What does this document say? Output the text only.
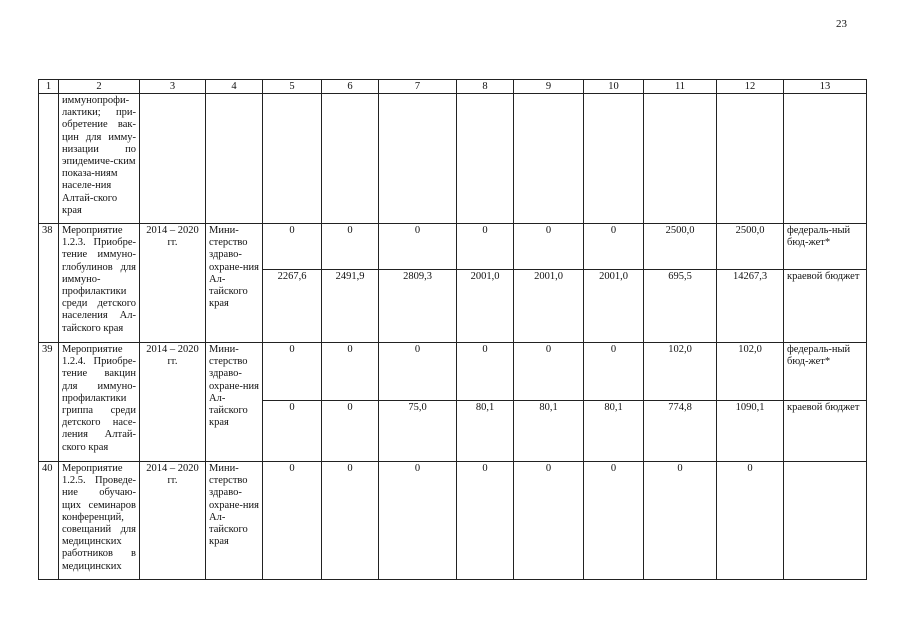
23
1	2	3	4	5	6	7	8	9	10	11	12	13
	иммунопрофи-лактики; при-обретение вак-цин для имму-низации по эпидемиче-ским показа-ниям населе-ния Алтай-ского края											
38	Мероприятие 1.2.3. Приобре-тение иммуно-глобулинов для иммуно-профилактики среди детского населения Ал-тайского края	2014 – 2020 гг.	Мини-стерство здраво-охране-ния Ал-тайского края	0	0	0	0	0	0	2500,0	2500,0	федераль-ный бюд-жет*
				2267,6	2491,9	2809,3	2001,0	2001,0	2001,0	695,5	14267,3	краевой бюджет
39	Мероприятие 1.2.4. Приобре-тение вакцин для иммуно-профилактики гриппа среди детского насе-ления Алтай-ского края	2014 – 2020 гг.	Мини-стерство здраво-охране-ния Ал-тайского края	0	0	0	0	0	0	102,0	102,0	федераль-ный бюд-жет*
				0	0	75,0	80,1	80,1	80,1	774,8	1090,1	краевой бюджет
40	Мероприятие 1.2.5. Проведе-ние обучаю-щих семинаров конференций, совещаний для медицинских работников в медицинских	2014 – 2020 гг.	Мини-стерство здраво-охране-ния Ал-тайского края	0	0	0	0	0	0	0	0	
